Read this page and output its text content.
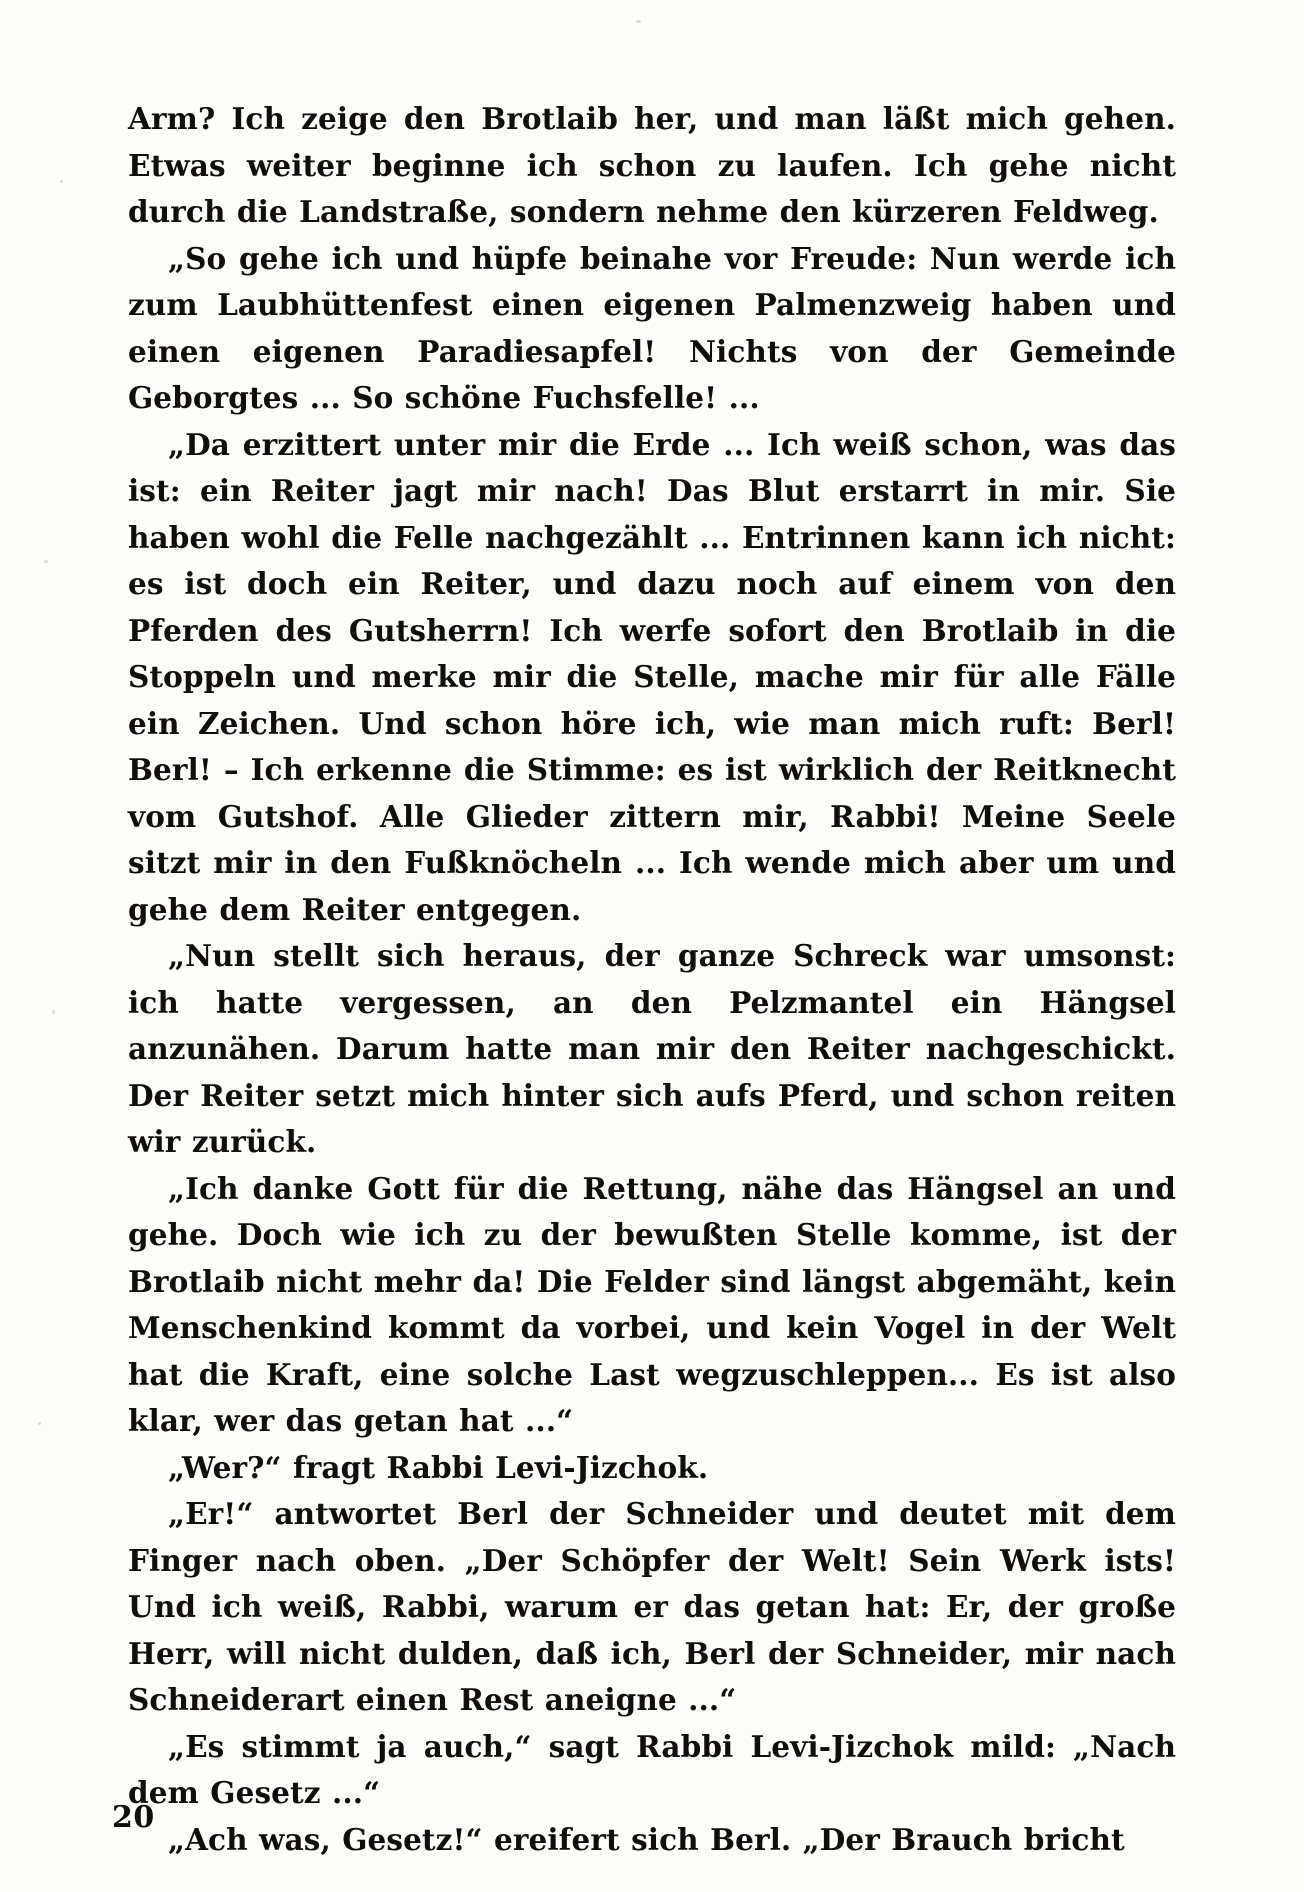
Arm? Ich zeige den Brotlaib her, und man läßt mich gehen. Etwas weiter beginne ich schon zu laufen. Ich gehe nicht durch die Landstraße, sondern nehme den kürzeren Feldweg.

„So gehe ich und hüpfe beinahe vor Freude: Nun werde ich zum Laubhüttenfest einen eigenen Palmenzweig haben und einen eigenen Paradiesapfel! Nichts von der Gemeinde Geborgtes ... So schöne Fuchsfelle! ...

„Da erzittert unter mir die Erde ... Ich weiß schon, was das ist: ein Reiter jagt mir nach! Das Blut erstarrt in mir. Sie haben wohl die Felle nachgezählt ... Entrinnen kann ich nicht: es ist doch ein Reiter, und dazu noch auf einem von den Pferden des Gutsherrn! Ich werfe sofort den Brotlaib in die Stoppeln und merke mir die Stelle, mache mir für alle Fälle ein Zeichen. Und schon höre ich, wie man mich ruft: Berl! Berl! – Ich erkenne die Stimme: es ist wirklich der Reitknecht vom Gutshof. Alle Glieder zittern mir, Rabbi! Meine Seele sitzt mir in den Fußknöcheln ... Ich wende mich aber um und gehe dem Reiter entgegen.

„Nun stellt sich heraus, der ganze Schreck war umsonst: ich hatte vergessen, an den Pelzmantel ein Hängsel anzunähen. Darum hatte man mir den Reiter nachgeschickt. Der Reiter setzt mich hinter sich aufs Pferd, und schon reiten wir zurück.

„Ich danke Gott für die Rettung, nähe das Hängsel an und gehe. Doch wie ich zu der bewußten Stelle komme, ist der Brotlaib nicht mehr da! Die Felder sind längst abgemäht, kein Menschenkind kommt da vorbei, und kein Vogel in der Welt hat die Kraft, eine solche Last wegzuschleppen... Es ist also klar, wer das getan hat ...“

„Wer?“ fragt Rabbi Levi-Jizchok.

„Er!“ antwortet Berl der Schneider und deutet mit dem Finger nach oben. „Der Schöpfer der Welt! Sein Werk ists! Und ich weiß, Rabbi, warum er das getan hat: Er, der große Herr, will nicht dulden, daß ich, Berl der Schneider, mir nach Schneiderart einen Rest aneigne ...“

„Es stimmt ja auch,“ sagt Rabbi Levi-Jizchok mild: „Nach dem Gesetz ...“

„Ach was, Gesetz!“ ereifert sich Berl. „Der Brauch bricht

20
